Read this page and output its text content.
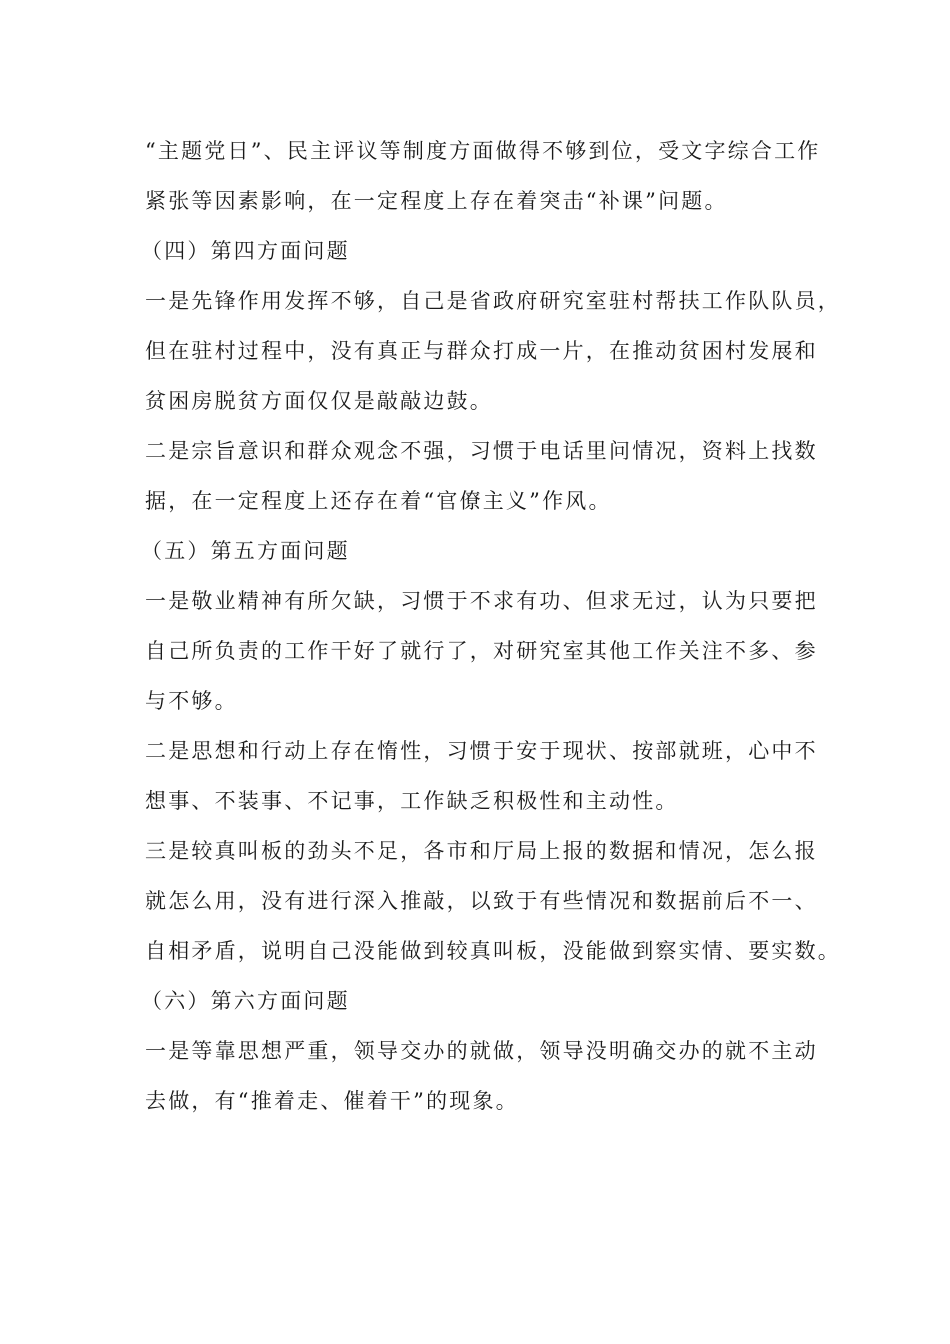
“主题党日”、民主评议等制度方面做得不够到位，受文字综合工作
紧张等因素影响，在一定程度上存在着突击“补课”问题。
（四）第四方面问题
一是先锋作用发挥不够，自己是省政府研究室驻村帮扶工作队队员，
但在驻村过程中，没有真正与群众打成一片，在推动贫困村发展和
贫困房脱贫方面仅仅是敲敲边鼓。
二是宗旨意识和群众观念不强，习惯于电话里问情况，资料上找数
据，在一定程度上还存在着“官僚主义”作风。
（五）第五方面问题
一是敬业精神有所欠缺，习惯于不求有功、但求无过，认为只要把
自己所负责的工作干好了就行了，对研究室其他工作关注不多、参
与不够。
二是思想和行动上存在惰性，习惯于安于现状、按部就班，心中不
想事、不装事、不记事，工作缺乏积极性和主动性。
三是较真叫板的劲头不足，各市和厅局上报的数据和情况，怎么报
就怎么用，没有进行深入推敲，以致于有些情况和数据前后不一、
自相矛盾，说明自己没能做到较真叫板，没能做到察实情、要实数。
（六）第六方面问题
一是等靠思想严重，领导交办的就做，领导没明确交办的就不主动
去做，有“推着走、催着干”的现象。
